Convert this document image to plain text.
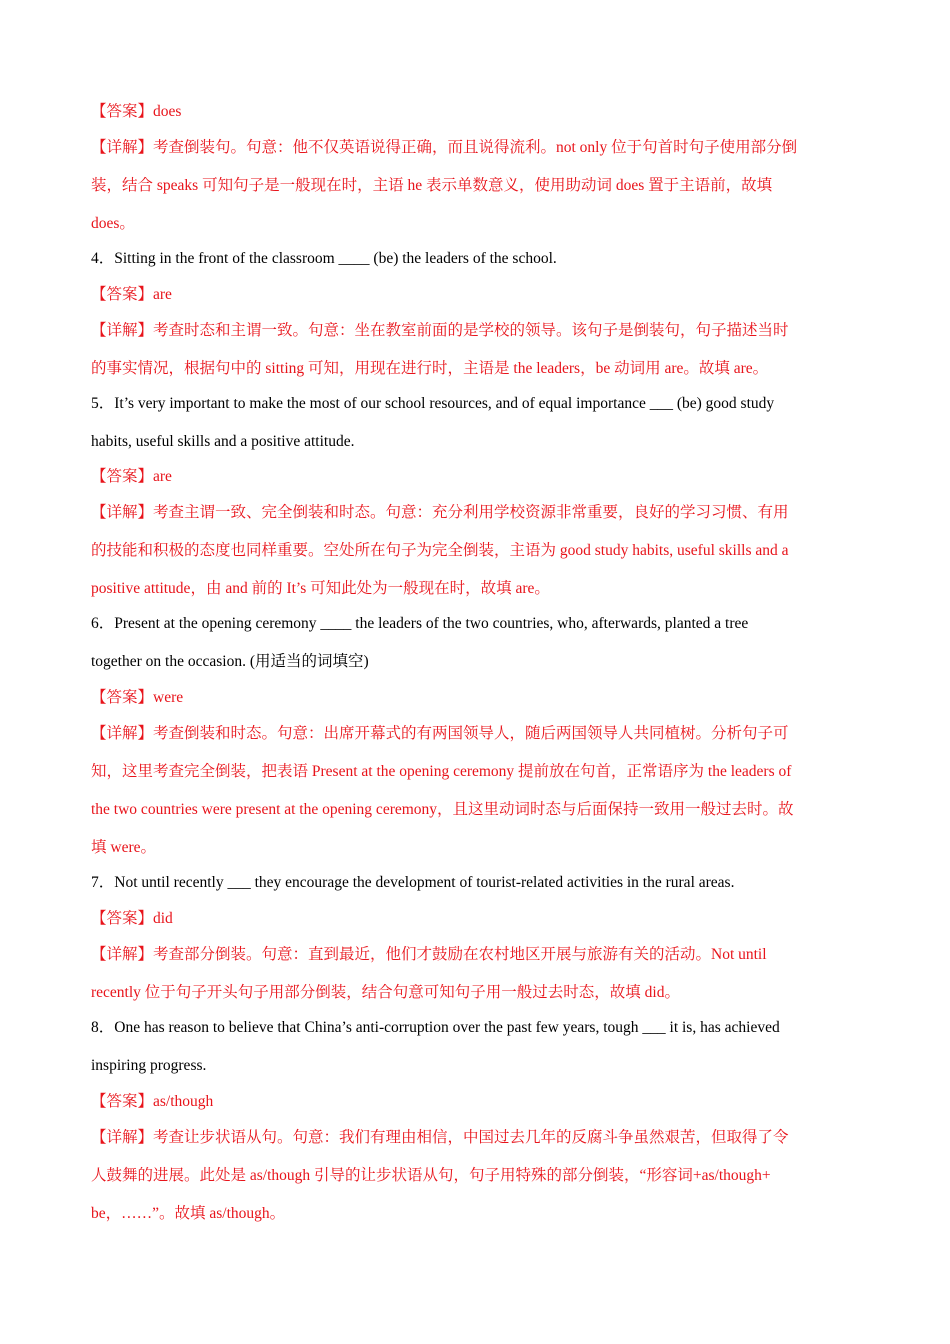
【答案】does
【详解】考查倒装句。句意：他不仅英语说得正确，而且说得流利。not only 位于句首时句子使用部分倒
装，结合 speaks 可知句子是一般现在时，主语 he 表示单数意义，使用助动词 does 置于主语前，故填
does。
4．Sitting in the front of the classroom ____ (be) the leaders of the school.
【答案】are
【详解】考查时态和主谓一致。句意：坐在教室前面的是学校的领导。该句子是倒装句，句子描述当时
的事实情况，根据句中的 sitting 可知，用现在进行时，主语是 the leaders，be 动词用 are。故填 are。
5．It’s very important to make the most of our school resources, and of equal importance ___ (be) good study
habits, useful skills and a positive attitude.
【答案】are
【详解】考查主谓一致、完全倒装和时态。句意：充分利用学校资源非常重要，良好的学习习惯、有用
的技能和积极的态度也同样重要。空处所在句子为完全倒装，主语为 good study habits, useful skills and a
positive attitude，由 and 前的 It’s 可知此处为一般现在时，故填 are。
6．Present at the opening ceremony ____ the leaders of the two countries, who, afterwards, planted a tree
together on the occasion. (用适当的词填空)
【答案】were
【详解】考查倒装和时态。句意：出席开幕式的有两国领导人，随后两国领导人共同植树。分析句子可
知，这里考查完全倒装，把表语 Present at the opening ceremony 提前放在句首，正常语序为 the leaders of
the two countries were present at the opening ceremony，且这里动词时态与后面保持一致用一般过去时。故
填 were。
7．Not until recently ___ they encourage the development of tourist-related activities in the rural areas.
【答案】did
【详解】考查部分倒装。句意：直到最近，他们才鼓励在农村地区开展与旅游有关的活动。Not until
recently 位于句子开头句子用部分倒装，结合句意可知句子用一般过去时态，故填 did。
8．One has reason to believe that China’s anti-corruption over the past few years, tough ___ it is, has achieved
inspiring progress.
【答案】as/though
【详解】考查让步状语从句。句意：我们有理由相信，中国过去几年的反腐斗争虽然艰苦，但取得了令
人鼓舞的进展。此处是 as/though 引导的让步状语从句，句子用特殊的部分倒装，“形容词+as/though+
be，……”。故填 as/though。
